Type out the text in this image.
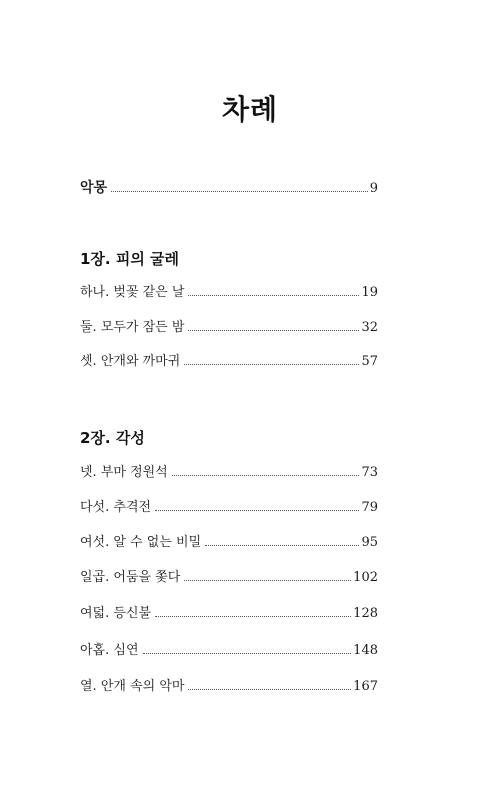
차례
악몽	9
1장. 피의 굴레
하나. 벚꽃 같은 날	19
둘. 모두가 잠든 밤	32
셋. 안개와 까마귀	57
2장. 각성
넷. 부마 정원석	73
다섯. 추격전	79
여섯. 알 수 없는 비밀	95
일곱. 어둠을 쫓다	102
여덟. 등신불	128
아홉. 심연	148
열. 안개 속의 악마	167
